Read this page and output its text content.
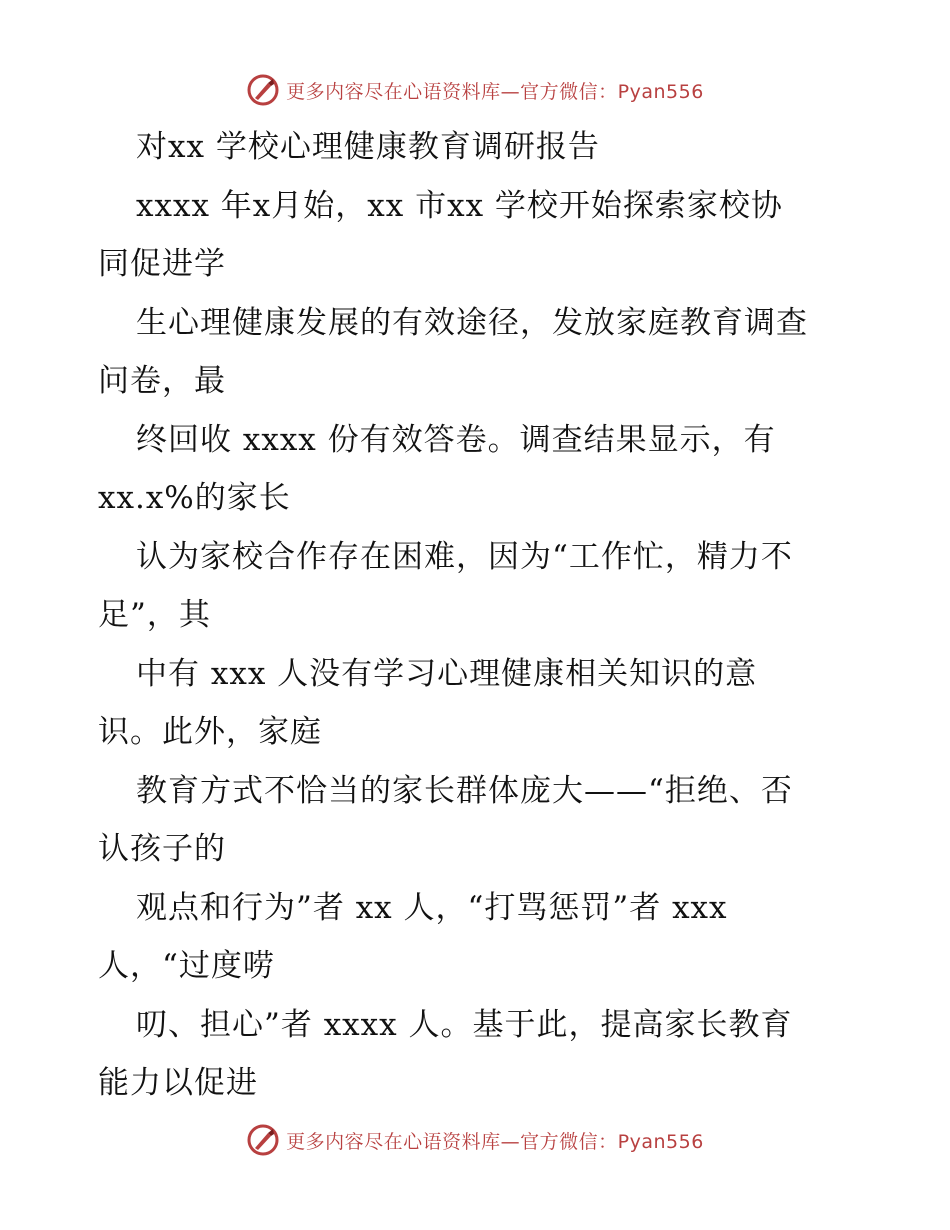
更多内容尽在心语资料库—官方微信：Pyan556
对xx 学校心理健康教育调研报告
xxxx 年x月始，xx 市xx 学校开始探索家校协
同促进学
生心理健康发展的有效途径，发放家庭教育调查
问卷，最
终回收 xxxx 份有效答卷。调查结果显示，有
xx.x%的家长
认为家校合作存在困难，因为“工作忙，精力不
足”，其
中有 xxx 人没有学习心理健康相关知识的意
识。此外，家庭
教育方式不恰当的家长群体庞大——“拒绝、否
认孩子的
观点和行为”者 xx 人，“打骂惩罚”者 xxx
人，“过度唠
叨、担心”者 xxxx 人。基于此，提高家长教育
能力以促进
更多内容尽在心语资料库—官方微信：Pyan556
